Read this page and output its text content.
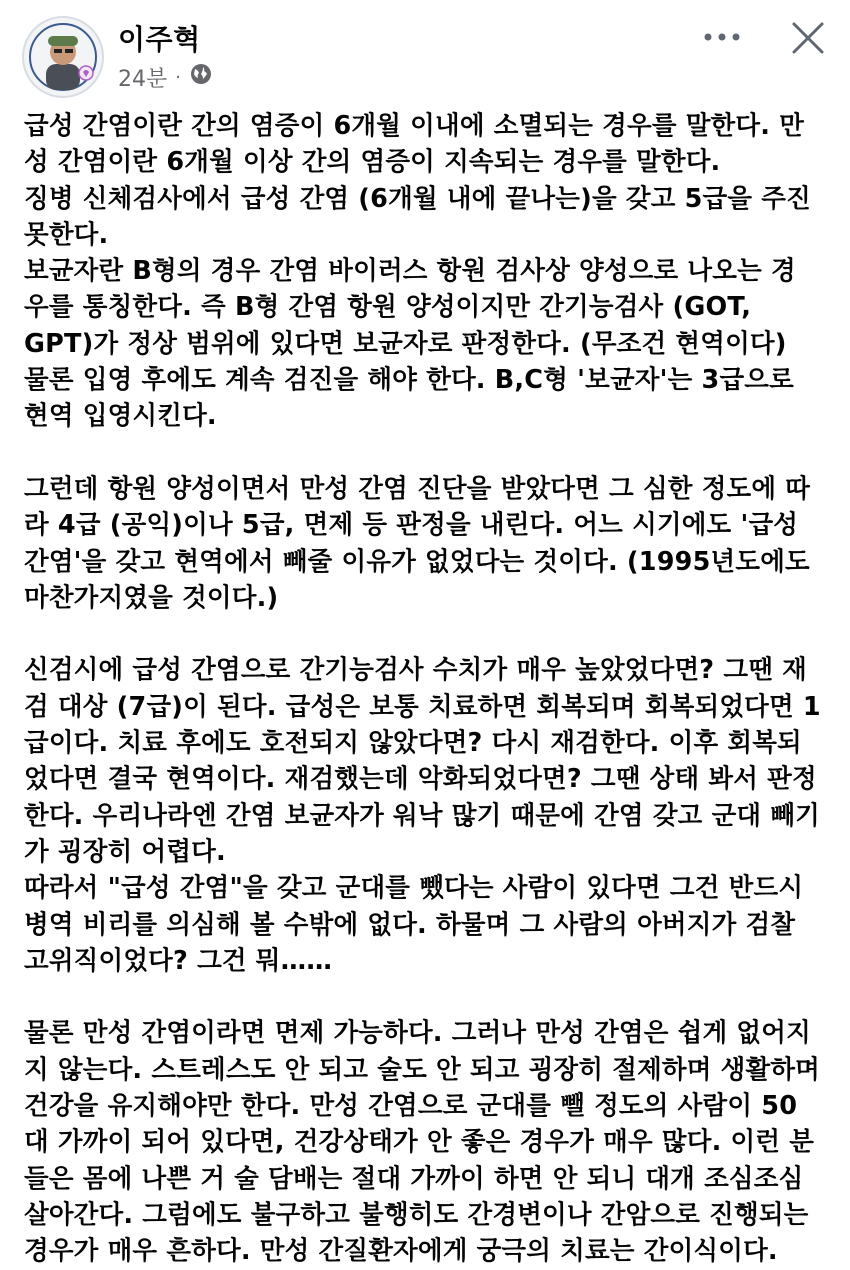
이주혁
24분 ·
급성 간염이란 간의 염증이 6개월 이내에 소멸되는 경우를 말한다. 만
성 간염이란 6개월 이상 간의 염증이 지속되는 경우를 말한다.
징병 신체검사에서 급성 간염 (6개월 내에 끝나는)을 갖고 5급을 주진
못한다.
보균자란 B형의 경우 간염 바이러스 항원 검사상 양성으로 나오는 경
우를 통칭한다. 즉 B형 간염 항원 양성이지만 간기능검사 (GOT,
GPT)가 정상 범위에 있다면 보균자로 판정한다. (무조건 현역이다)
물론 입영 후에도 계속 검진을 해야 한다. B,C형 '보균자'는 3급으로
현역 입영시킨다.
그런데 항원 양성이면서 만성 간염 진단을 받았다면 그 심한 정도에 따
라 4급 (공익)이나 5급, 면제 등 판정을 내린다. 어느 시기에도 '급성
간염'을 갖고 현역에서 빼줄 이유가 없었다는 것이다. (1995년도에도
마찬가지였을 것이다.)
신검시에 급성 간염으로 간기능검사 수치가 매우 높았었다면? 그땐 재
검 대상 (7급)이 된다. 급성은 보통 치료하면 회복되며 회복되었다면 1
급이다. 치료 후에도 호전되지 않았다면? 다시 재검한다. 이후 회복되
었다면 결국 현역이다. 재검했는데 악화되었다면? 그땐 상태 봐서 판정
한다. 우리나라엔 간염 보균자가 워낙 많기 때문에 간염 갖고 군대 빼기
가 굉장히 어렵다.
따라서 "급성 간염"을 갖고 군대를 뺐다는 사람이 있다면 그건 반드시
병역 비리를 의심해 볼 수밖에 없다. 하물며 그 사람의 아버지가 검찰
고위직이었다? 그건 뭐……
물론 만성 간염이라면 면제 가능하다. 그러나 만성 간염은 쉽게 없어지
지 않는다. 스트레스도 안 되고 술도 안 되고 굉장히 절제하며 생활하며
건강을 유지해야만 한다. 만성 간염으로 군대를 뺄 정도의 사람이 50
대 가까이 되어 있다면, 건강상태가 안 좋은 경우가 매우 많다. 이런 분
들은 몸에 나쁜 거 술 담배는 절대 가까이 하면 안 되니 대개 조심조심
살아간다. 그럼에도 불구하고 불행히도 간경변이나 간암으로 진행되는
경우가 매우 흔하다. 만성 간질환자에게 궁극의 치료는 간이식이다.
